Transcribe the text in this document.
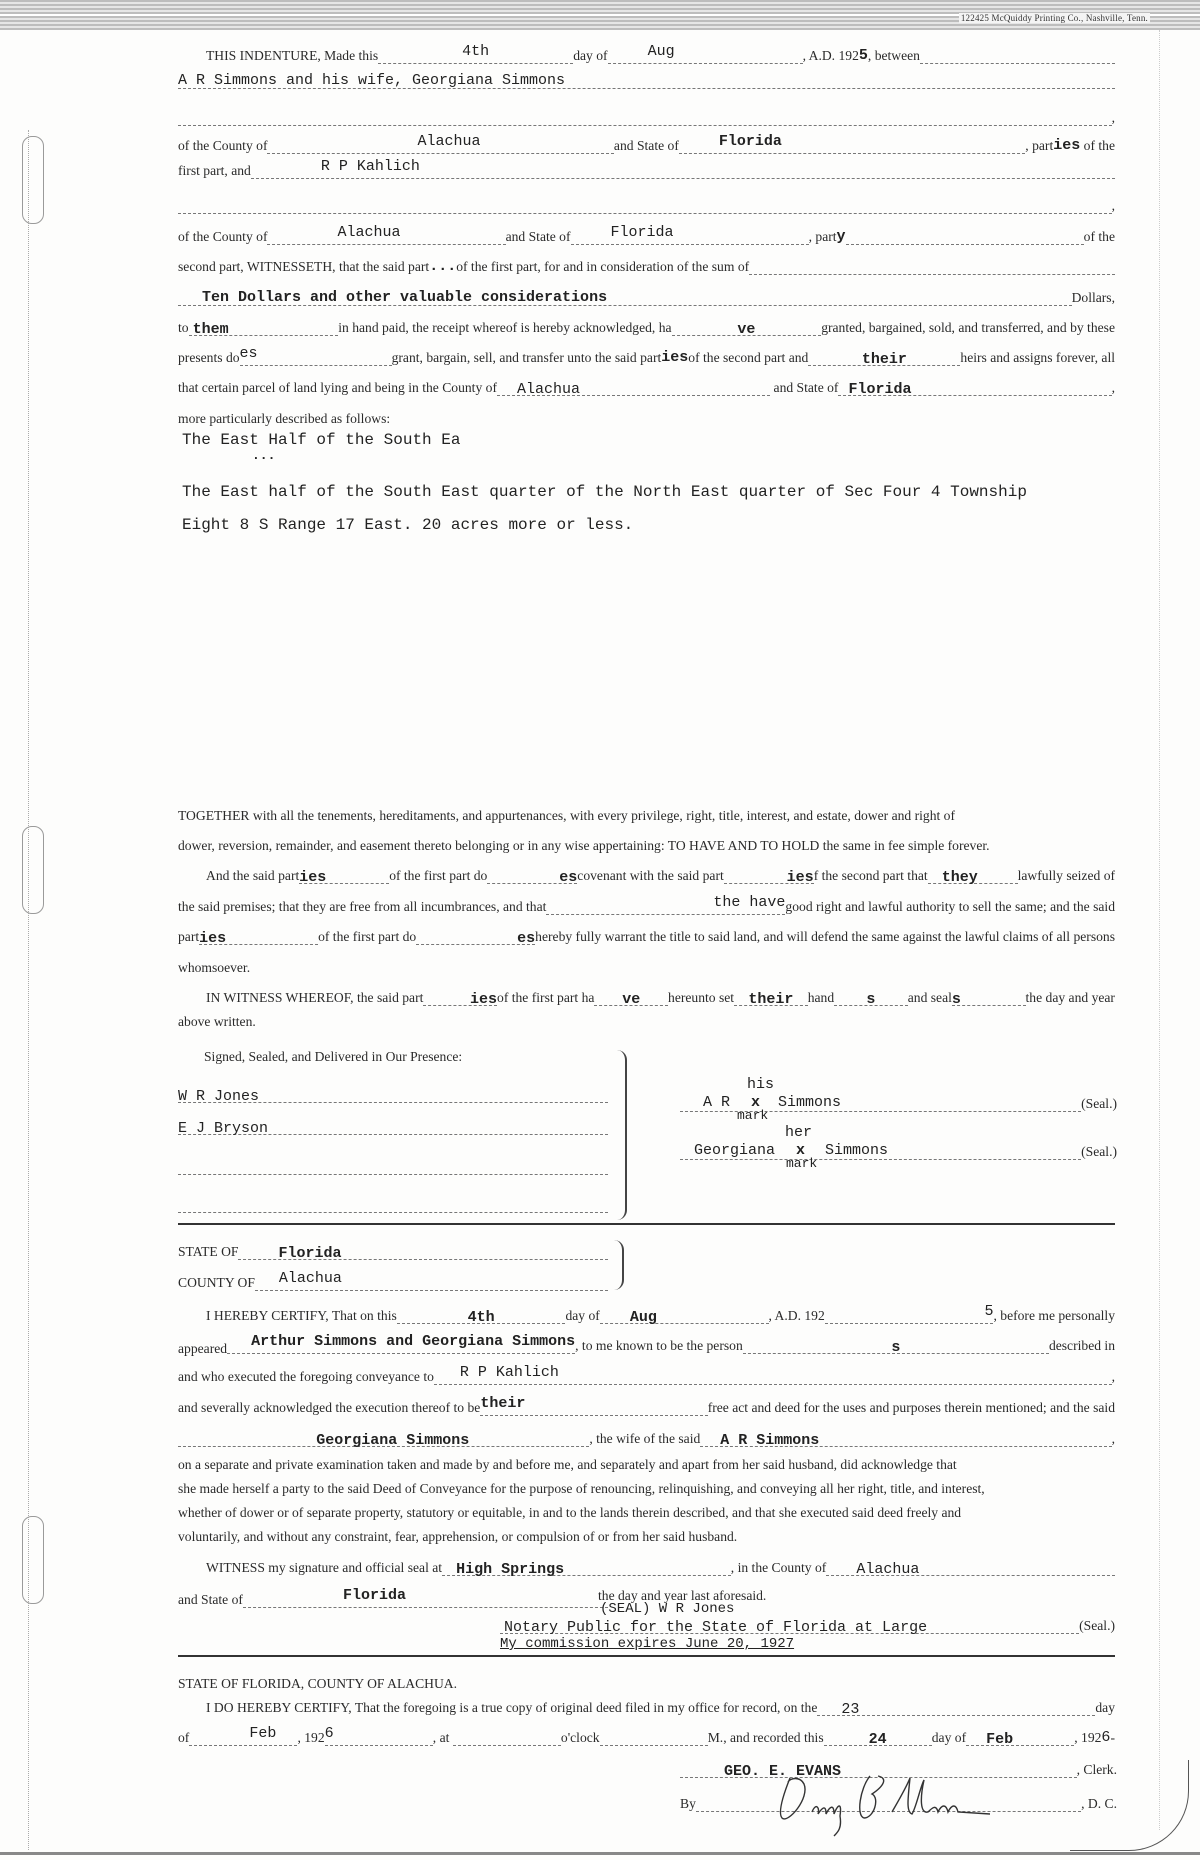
122425 McQuiddy Printing Co., Nashville, Tenn.
THIS INDENTURE, Made this	4th	day of	Aug	, A.D. 192 5 , between
A R Simmons and his wife, Georgiana Simmons
,
of the County of	Alachua	and State of	Florida	, part ies
of the
first part, and	R P Kahlich
,
of the County of	Alachua	and State of	Florida	, part y	of the
second part, WITNESSETH, that the said part ... of the first part, for and in consideration of the sum of
Ten Dollars and other valuable considerations	Dollars,
to them	in hand paid, the receipt whereof is hereby acknowledged, ha	ve	granted, bargained, sold, and transferred, and by these
presents do es	grant, bargain, sell, and transfer unto the said part ies of the second part and	their	heirs and assigns forever, all
that certain parcel of land lying and being in the County of	Alachua
	and State of Florida	,
more particularly described as follows:
The East Half of the South Ea
...
The East half of the South East quarter of the North East quarter of Sec Four 4 Township
Eight 8 S Range 17 East. 20 acres more or less.
TOGETHER with all the tenements, hereditaments, and appurtenances, with every privilege, right, title, interest, and estate, dower and right of
dower, reversion, remainder, and easement thereto belonging or in any wise appertaining: TO HAVE AND TO HOLD the same in fee simple forever.
And the said part ies	of the first part do	es covenant with the said part	ies f the second part that they	lawfully seized of
the said premises; that they are free from all incumbrances, and that	the have good right and lawful authority to sell the same; and the said
part ies	of the first part do	es hereby fully warrant the title to said land, and will defend the same against the lawful claims of all persons
whomsoever.
IN WITNESS WHEREOF, the said part	ies of the first part ha	ve	hereunto set their	hand	s	and seal s	the day and year
above written.
Signed, Sealed, and Delivered in Our Presence:
W R Jones
E J Bryson
(Seal.)
A R
his
x
mark
Simmons
(Seal.)
Georgiana
her
x
mark
Simmons
STATE OF	Florida
COUNTY OF	Alachua
I HEREBY CERTIFY, That on this	4th	day of	Aug	, A.D. 192	5 , before me personally
appeared	Arthur Simmons and Georgiana Simmons , to me known to be the person	s	described in
and who executed the foregoing conveyance to	R P Kahlich	,
and severally acknowledged the execution thereof to be their	free act and deed for the uses and purposes therein mentioned; and the said
Georgiana Simmons	, the wife of the said	A R Simmons	,
on a separate and private examination taken and made by and before me, and separately and apart from her said husband, did acknowledge that
she made herself a party to the said Deed of Conveyance for the purpose of renouncing, relinquishing, and conveying all her right, title, and interest,
whether of dower or of separate property, statutory or equitable, in and to the lands therein described, and that she executed said deed freely and
voluntarily, and without any constraint, fear, apprehension, or compulsion of or from her said husband.
WITNESS my signature and official seal at High Springs	, in the County of	Alachua
and State of	Florida	the day and year last aforesaid.
(SEAL) W R Jones
Notary Public for the State of Florida at Large	(Seal.)
My commission expires June 20, 1927
STATE OF FLORIDA, COUNTY OF ALACHUA.
I DO HEREBY CERTIFY, That the foregoing is a true copy of original deed filed in my office for record, on the	23	day
of	Feb	, 192 6	, at
	o'clock	M., and recorded this	24	day of	Feb	, 192 6 -
GEO. E. EVANS	, Clerk.
By	, D. C.
